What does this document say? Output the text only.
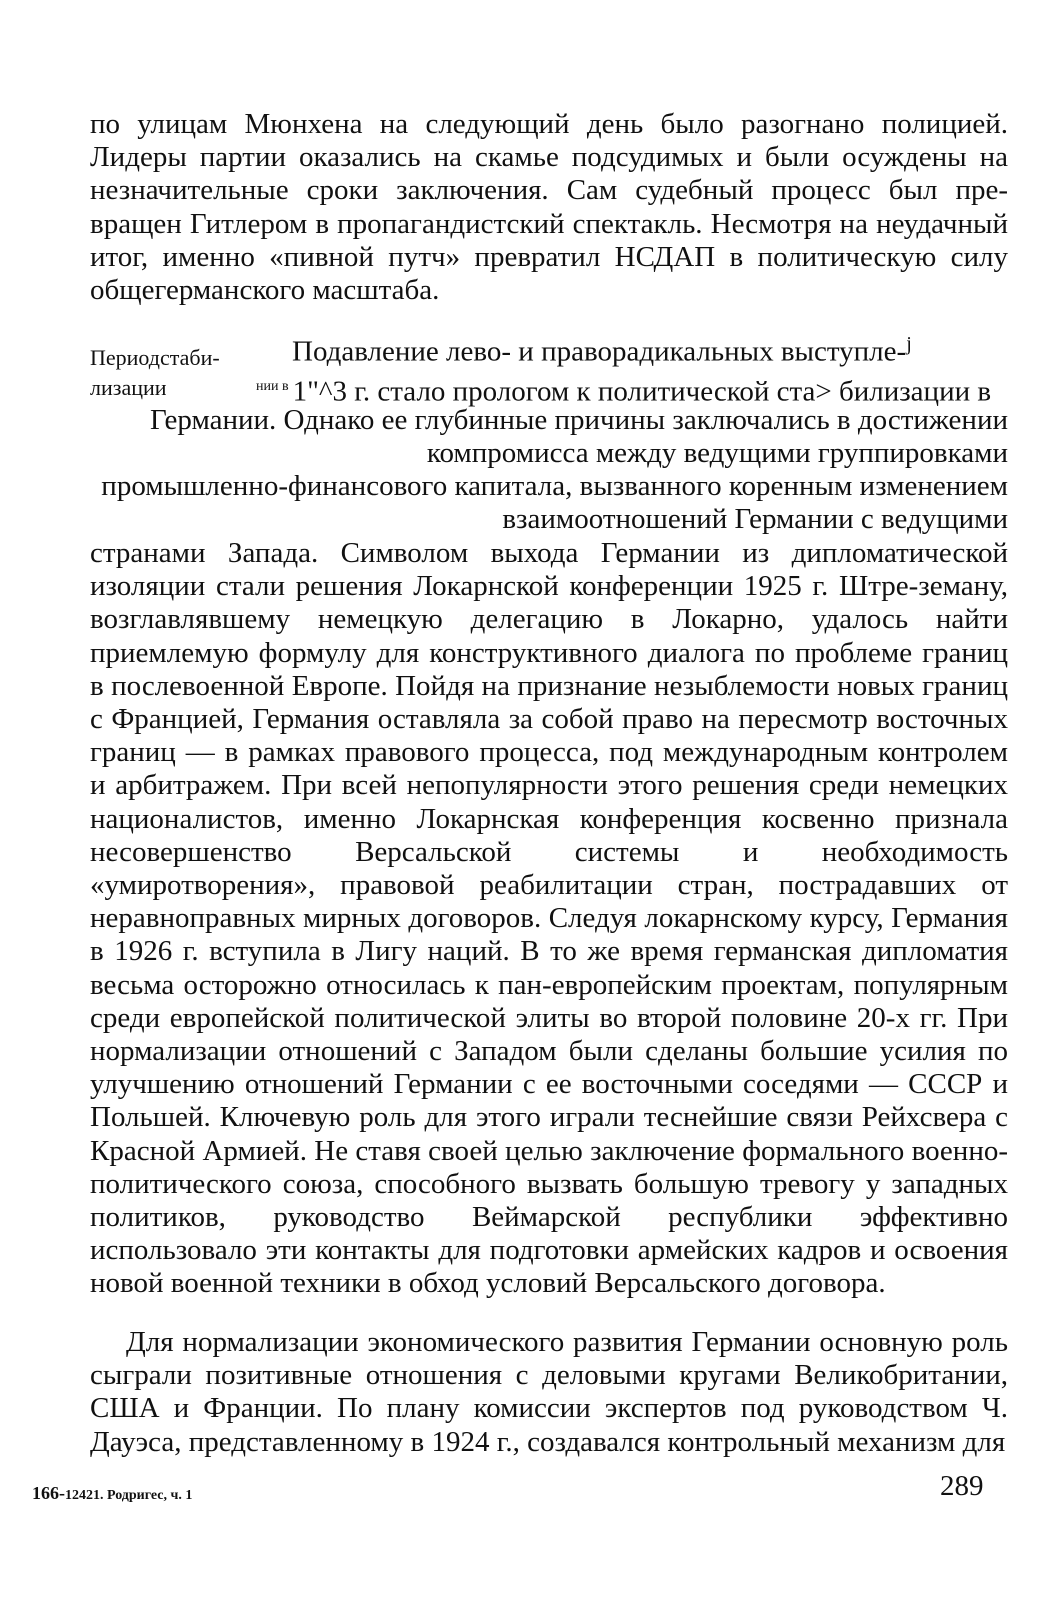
по улицам Мюнхена на следующий день было разогнано полицией. Лидеры партии оказались на скамье подсудимых и были осуждены на незначительные сроки заключения. Сам судебный процесс был пре-вращен Гитлером в пропагандистский спектакль. Несмотря на неудачный итог, именно «пивной путч» превратил НСДАП в политическую силу общегерманского масштаба.

Периодстаби-
лизации

Подавление лево- и праворадикальных выступле-$^j$

$^{нии в}$ 1"^3 г. стало прологом к политической ста> билизации в

Германии. Однако ее глубинные причины заключались в достижении

компромисса между ведущими группировками

промышленно-финансового капитала, вызванного коренным изменением

взаимоотношений Германии с ведущими

странами Запада. Символом выхода Германии из дипломатической изоляции стали решения Локарнской конференции 1925 г. Штре-земану, возглавлявшему немецкую делегацию в Локарно, удалось найти приемлемую формулу для конструктивного диалога по проблеме границ в послевоенной Европе. Пойдя на признание незыблемости новых границ с Францией, Германия оставляла за собой право на пересмотр восточных границ — в рамках правового процесса, под международным контролем и арбитражем. При всей непопулярности этого решения среди немецких националистов, именно Локарнская конференция косвенно признала несовершенство Версальской системы и необходимость «умиротворения», правовой реабилитации стран, пострадавших от неравноправных мирных договоров. Следуя локарнскому курсу, Германия в 1926 г. вступила в Лигу наций. В то же время германская дипломатия весьма осторожно относилась к пан-европейским проектам, популярным среди европейской политической элиты во второй половине 20-х гг. При нормализации отношений с Западом были сделаны большие усилия по улучшению отношений Германии с ее восточными соседями — СССР и Польшей. Ключевую роль для этого играли теснейшие связи Рейхсвера с Красной Армией. Не ставя своей целью заключение формального военно-политического союза, способного вызвать большую тревогу у западных политиков, руководство Веймарской республики эффективно использовало эти контакты для подготовки армейских кадров и освоения новой военной техники в обход условий Версальского договора.

Для нормализации экономического развития Германии основную роль сыграли позитивные отношения с деловыми кругами Великобритании, США и Франции. По плану комиссии экспертов под руководством Ч. Дауэса, представленному в 1924 г., создавался контрольный механизм для

166-12421. Родригес, ч. 1	289
